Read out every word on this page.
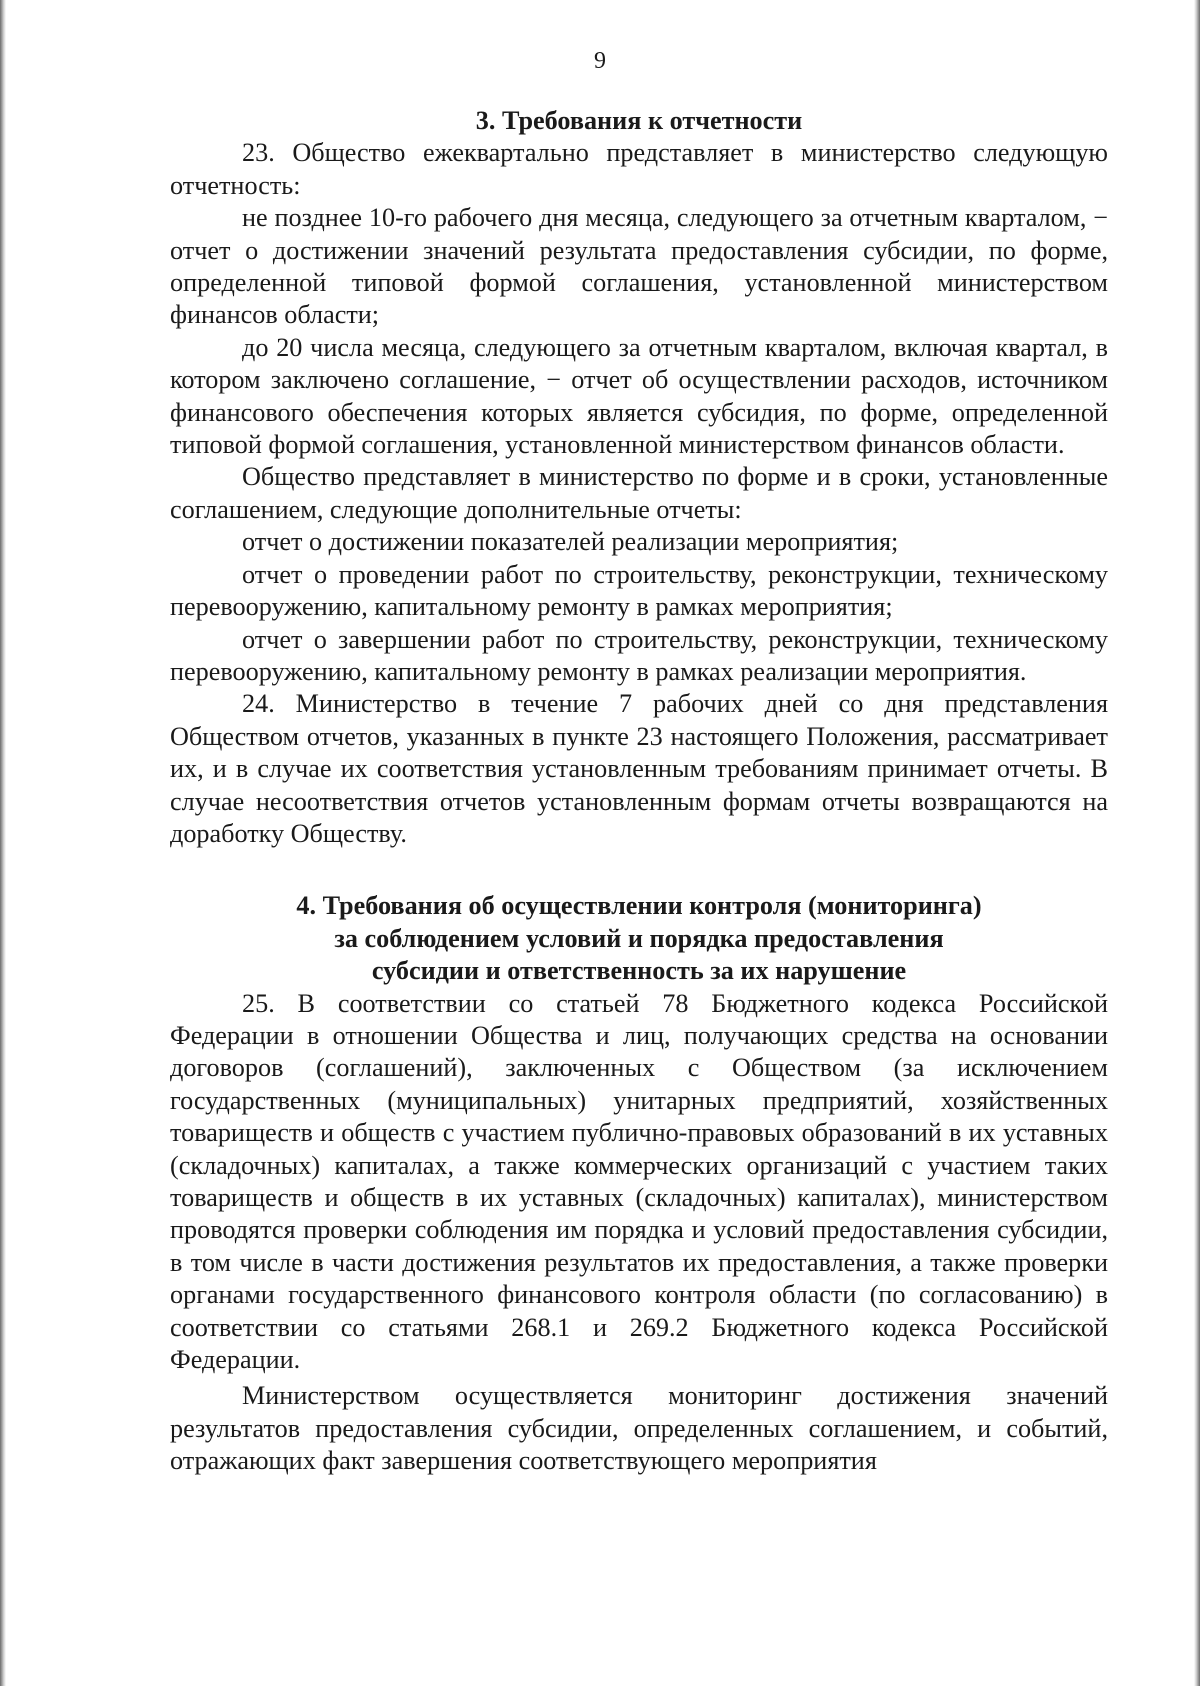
9
3. Требования к отчетности

23. Общество ежеквартально представляет в министерство следующую отчетность:

не позднее 10-го рабочего дня месяца, следующего за отчетным кварталом, − отчет о достижении значений результата предоставления субсидии, по форме, определенной типовой формой соглашения, установленной министерством финансов области;

до 20 числа месяца, следующего за отчетным кварталом, включая квартал, в котором заключено соглашение, − отчет об осуществлении расходов, источником финансового обеспечения которых является субсидия, по форме, определенной типовой формой соглашения, установленной министерством финансов области.

Общество представляет в министерство по форме и в сроки, установленные соглашением, следующие дополнительные отчеты:

отчет о достижении показателей реализации мероприятия;

отчет о проведении работ по строительству, реконструкции, техническому перевооружению, капитальному ремонту в рамках мероприятия;

отчет о завершении работ по строительству, реконструкции, техническому перевооружению, капитальному ремонту в рамках реализации мероприятия.

24. Министерство в течение 7 рабочих дней со дня представления Обществом отчетов, указанных в пункте 23 настоящего Положения, рассматривает их, и в случае их соответствия установленным требованиям принимает отчеты. В случае несоответствия отчетов установленным формам отчеты возвращаются на доработку Обществу.

4. Требования об осуществлении контроля (мониторинга)
за соблюдением условий и порядка предоставления
субсидии и ответственность за их нарушение

25. В соответствии со статьей 78 Бюджетного кодекса Российской Федерации в отношении Общества и лиц, получающих средства на основании договоров (соглашений), заключенных с Обществом (за исключением государственных (муниципальных) унитарных предприятий, хозяйственных товариществ и обществ с участием публично-правовых образований в их уставных (складочных) капиталах, а также коммерческих организаций с участием таких товариществ и обществ в их уставных (складочных) капиталах), министерством проводятся проверки соблюдения им порядка и условий предоставления субсидии, в том числе в части достижения результатов их предоставления, а также проверки органами государственного финансового контроля области (по согласованию) в соответствии со статьями 268.1 и 269.2 Бюджетного кодекса Российской Федерации.

Министерством осуществляется мониторинг достижения значений результатов предоставления субсидии, определенных соглашением, и событий, отражающих факт завершения соответствующего мероприятия
